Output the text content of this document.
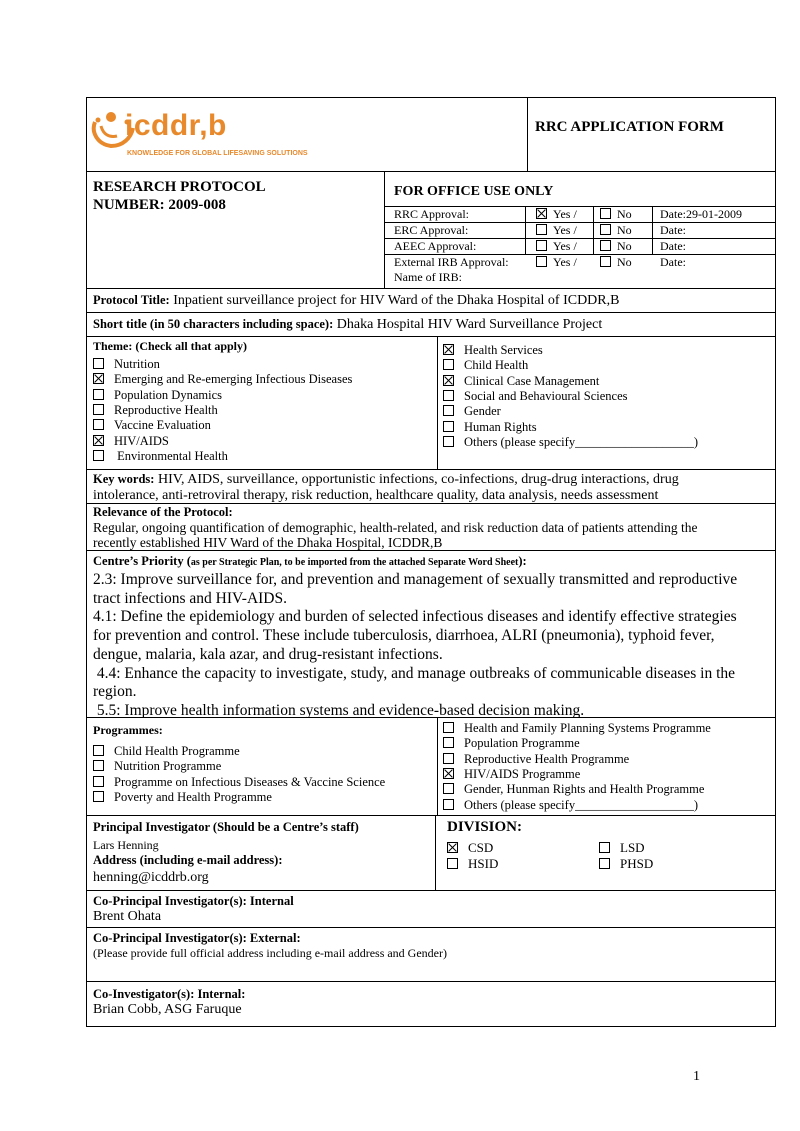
icddr,b
KNOWLEDGE FOR GLOBAL LIFESAVING SOLUTIONS
RRC APPLICATION FORM
RESEARCH PROTOCOL
NUMBER: 2009-008
FOR OFFICE USE ONLY
RRC Approval:	Yes /	No Date:29-01-2009
ERC Approval:	Yes /	No Date:
AEEC Approval:	Yes /	No Date:
External IRB Approval:	Yes /	No Date:
Name of IRB:
Protocol Title: Inpatient surveillance project for HIV Ward of the Dhaka Hospital of ICDDR,B
Short title (in 50 characters including space): Dhaka Hospital HIV Ward Surveillance Project
Theme: (Check all that apply)
Nutrition
Emerging and Re-emerging Infectious Diseases
Population Dynamics
Reproductive Health
Vaccine Evaluation
HIV/AIDS
Environmental Health
Health Services
Child Health
Clinical Case Management
Social and Behavioural Sciences
Gender
Human Rights
Others (please specify___________________)
Key words: HIV, AIDS, surveillance, opportunistic infections, co-infections, drug-drug interactions, drug
intolerance, anti-retroviral therapy, risk reduction, healthcare quality, data analysis, needs assessment
Relevance of the Protocol:
Regular, ongoing quantification of demographic, health-related, and risk reduction data of patients attending the
recently established HIV Ward of the Dhaka Hospital, ICDDR,B
Centre’s Priority (as per Strategic Plan, to be imported from the attached Separate Word Sheet):
2.3: Improve surveillance for, and prevention and management of sexually transmitted and reproductive
tract infections and HIV-AIDS.
4.1: Define the epidemiology and burden of selected infectious diseases and identify effective strategies
for prevention and control. These include tuberculosis, diarrhoea, ALRI (pneumonia), typhoid fever,
dengue, malaria, kala azar, and drug-resistant infections.
4.4: Enhance the capacity to investigate, study, and manage outbreaks of communicable diseases in the
region.
5.5: Improve health information systems and evidence-based decision making.
Programmes:
Child Health Programme
Nutrition Programme
Programme on Infectious Diseases & Vaccine Science
Poverty and Health Programme
Health and Family Planning Systems Programme
Population Programme
Reproductive Health Programme
HIV/AIDS Programme
Gender, Hunman Rights and Health Programme
Others (please specify___________________)
Principal Investigator (Should be a Centre’s staff)
Lars Henning
Address (including e-mail address):
henning@icddrb.org
DIVISION:
CSD	LSD
HSID	PHSD
Co-Principal Investigator(s): Internal
Brent Ohata
Co-Principal Investigator(s): External:
(Please provide full official address including e-mail address and Gender)
Co-Investigator(s): Internal:
Brian Cobb, ASG Faruque
1
